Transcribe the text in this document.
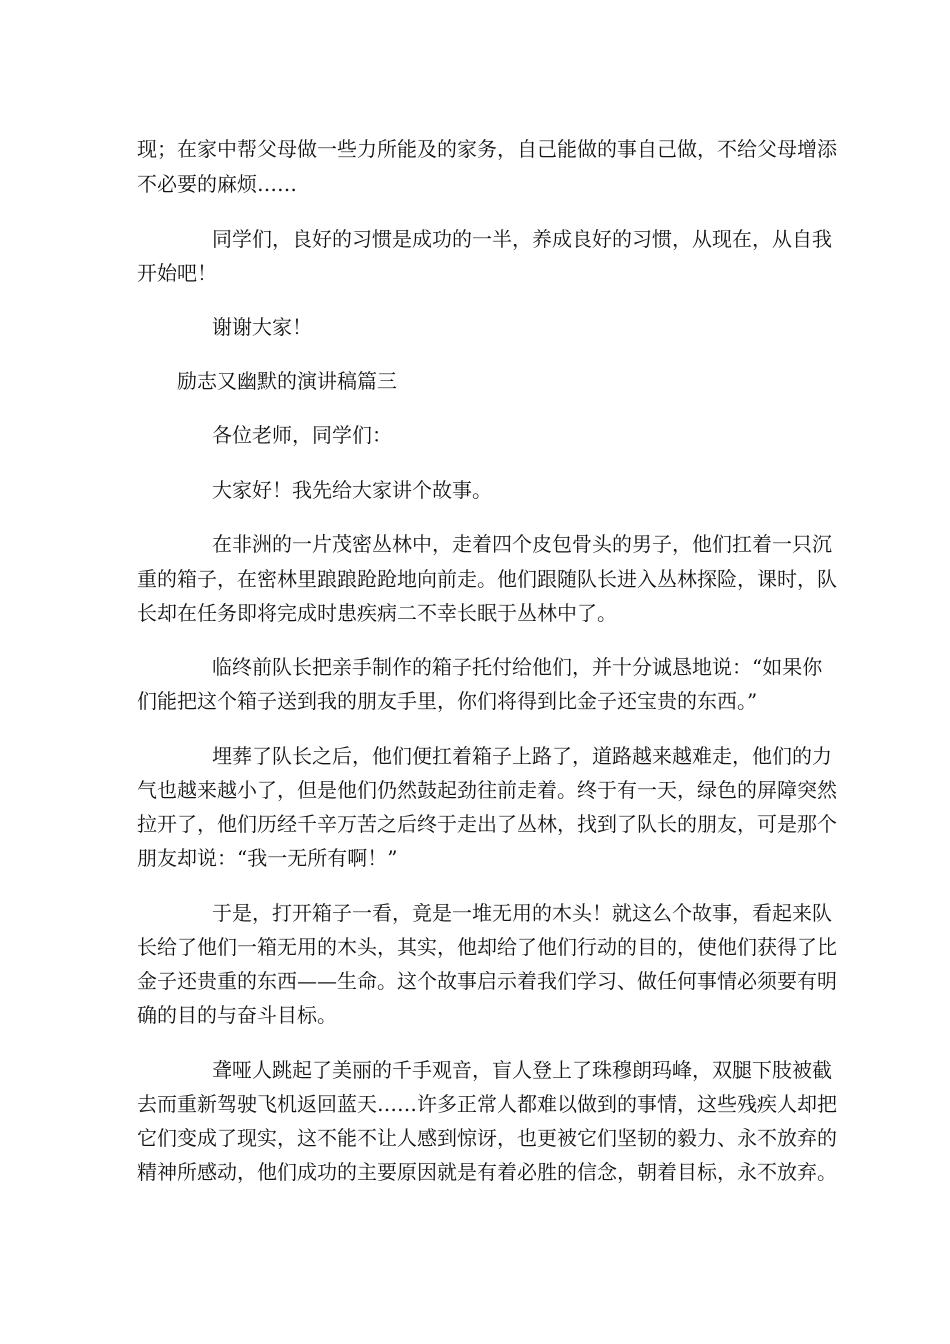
现；在家中帮父母做一些力所能及的家务，自己能做的事自己做，不给父母增添
不必要的麻烦……
同学们，良好的习惯是成功的一半，养成良好的习惯，从现在，从自我
开始吧！
谢谢大家！
励志又幽默的演讲稿篇三
各位老师，同学们：
大家好！我先给大家讲个故事。
在非洲的一片茂密丛林中，走着四个皮包骨头的男子，他们扛着一只沉
重的箱子，在密林里踉踉跄跄地向前走。他们跟随队长进入丛林探险，课时，队
长却在任务即将完成时患疾病二不幸长眠于丛林中了。
临终前队长把亲手制作的箱子托付给他们，并十分诚恳地说：“如果你
们能把这个箱子送到我的朋友手里，你们将得到比金子还宝贵的东西。”
埋葬了队长之后，他们便扛着箱子上路了，道路越来越难走，他们的力
气也越来越小了，但是他们仍然鼓起劲往前走着。终于有一天，绿色的屏障突然
拉开了，他们历经千辛万苦之后终于走出了丛林，找到了队长的朋友，可是那个
朋友却说：“我一无所有啊！”
于是，打开箱子一看，竟是一堆无用的木头！就这么个故事，看起来队
长给了他们一箱无用的木头，其实，他却给了他们行动的目的，使他们获得了比
金子还贵重的东西——生命。这个故事启示着我们学习、做任何事情必须要有明
确的目的与奋斗目标。
聋哑人跳起了美丽的千手观音，盲人登上了珠穆朗玛峰，双腿下肢被截
去而重新驾驶飞机返回蓝天……许多正常人都难以做到的事情，这些残疾人却把
它们变成了现实，这不能不让人感到惊讶，也更被它们坚韧的毅力、永不放弃的
精神所感动，他们成功的主要原因就是有着必胜的信念，朝着目标，永不放弃。
